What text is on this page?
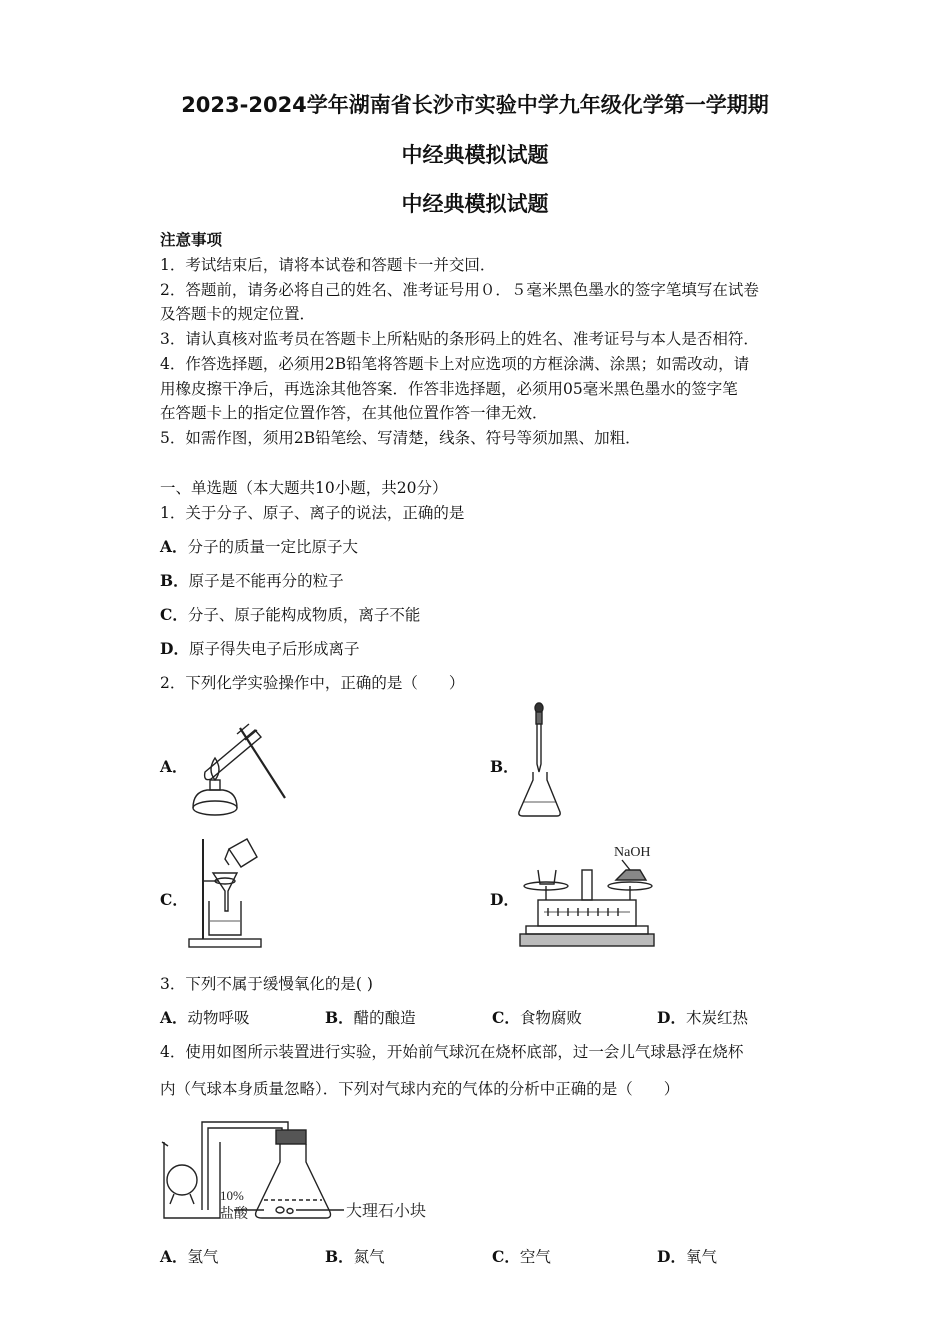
2023-2024学年湖南省长沙市实验中学九年级化学第一学期期
中经典模拟试题
中经典模拟试题
注意事项
1．考试结束后，请将本试卷和答题卡一并交回．
2．答题前，请务必将自己的姓名、准考证号用０．５毫米黑色墨水的签字笔填写在试卷
及答题卡的规定位置．
3．请认真核对监考员在答题卡上所粘贴的条形码上的姓名、准考证号与本人是否相符．
4．作答选择题，必须用2B铅笔将答题卡上对应选项的方框涂满、涂黑；如需改动，请
用橡皮擦干净后，再选涂其他答案．作答非选择题，必须用05毫米黑色墨水的签字笔
在答题卡上的指定位置作答，在其他位置作答一律无效．
5．如需作图，须用2B铅笔绘、写清楚，线条、符号等须加黑、加粗．
一、单选题（本大题共10小题，共20分）
1．关于分子、原子、离子的说法，正确的是
A．分子的质量一定比原子大
B．原子是不能再分的粒子
C．分子、原子能构成物质，离子不能
D．原子得失电子后形成离子
2．下列化学实验操作中，正确的是（　　）
A．	B．
C．	D．
NaOH
3．下列不属于缓慢氧化的是( )
A．动物呼吸	B．醋的酿造	C．食物腐败	D．木炭红热
4．使用如图所示装置进行实验，开始前气球沉在烧杯底部，过一会儿气球悬浮在烧杯
内（气球本身质量忽略）．下列对气球内充的气体的分析中正确的是（　　）
10%
盐酸	大理石小块
A．氢气	B．氮气	C．空气	D．氧气
